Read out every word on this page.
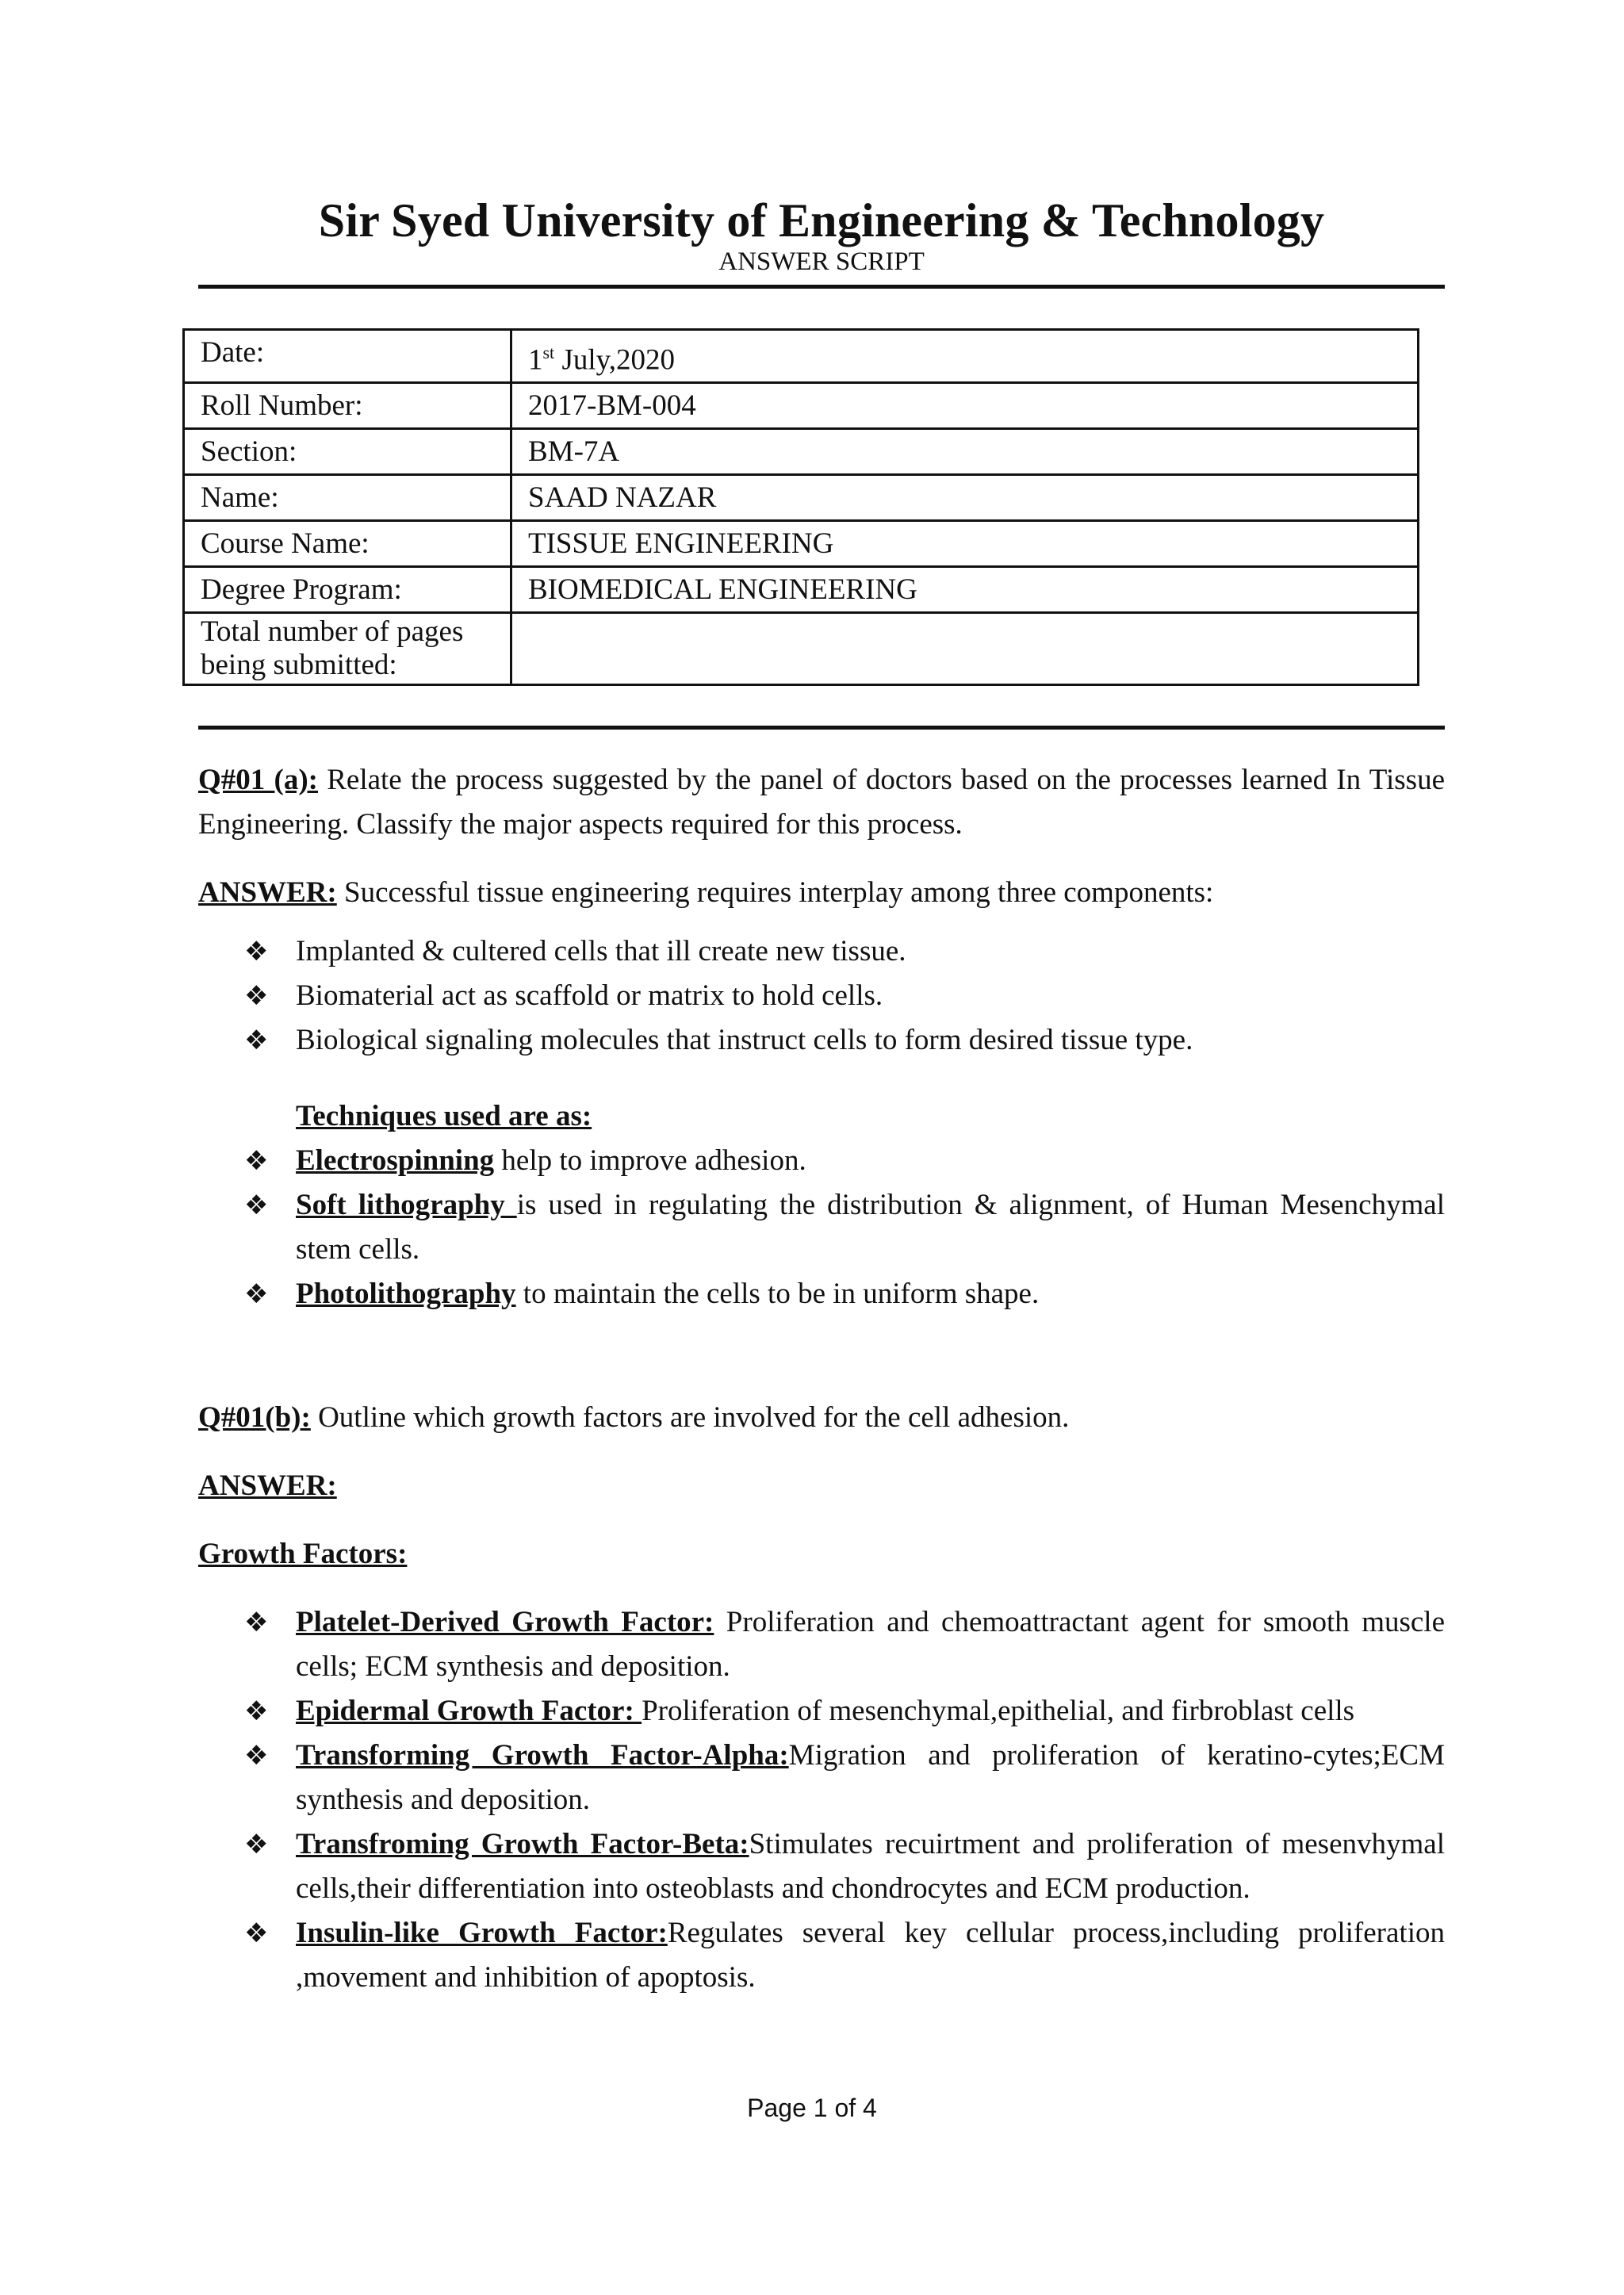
Sir Syed University of Engineering & Technology

ANSWER SCRIPT

Date:	1st July,2020
Roll Number:	2017-BM-004
Section:	BM-7A
Name:	SAAD NAZAR
Course Name:	TISSUE ENGINEERING
Degree Program:	BIOMEDICAL ENGINEERING
Total number of pages
being submitted:	

Q#01 (a): Relate the process suggested by the panel of doctors based on the processes learned In Tissue Engineering. Classify the major aspects required for this process.

ANSWER: Successful tissue engineering requires interplay among three components:

❖ Implanted & cultered cells that ill create new tissue.
❖ Biomaterial act as scaffold or matrix to hold cells.
❖ Biological signaling molecules that instruct cells to form desired tissue type.
Techniques used are as:
❖ Electrospinning help to improve adhesion.
❖ Soft lithography is used in regulating the distribution & alignment, of Human Mesenchymal stem cells.
❖ Photolithography to maintain the cells to be in uniform shape.

Q#01(b): Outline which growth factors are involved for the cell adhesion.

ANSWER:

Growth Factors:

❖ Platelet-Derived Growth Factor: Proliferation and chemoattractant agent for smooth muscle cells; ECM synthesis and deposition.
❖ Epidermal Growth Factor: Proliferation of mesenchymal,epithelial, and firbroblast cells
❖ Transforming Growth Factor-Alpha:Migration and proliferation of keratino-cytes;ECM synthesis and deposition.
❖ Transfroming Growth Factor-Beta:Stimulates recuirtment and proliferation of mesenvhymal cells,their differentiation into osteoblasts and chondrocytes and ECM production.
❖ Insulin-like Growth Factor:Regulates several key cellular process,including proliferation ,movement and inhibition of apoptosis.
Page 1 of 4
